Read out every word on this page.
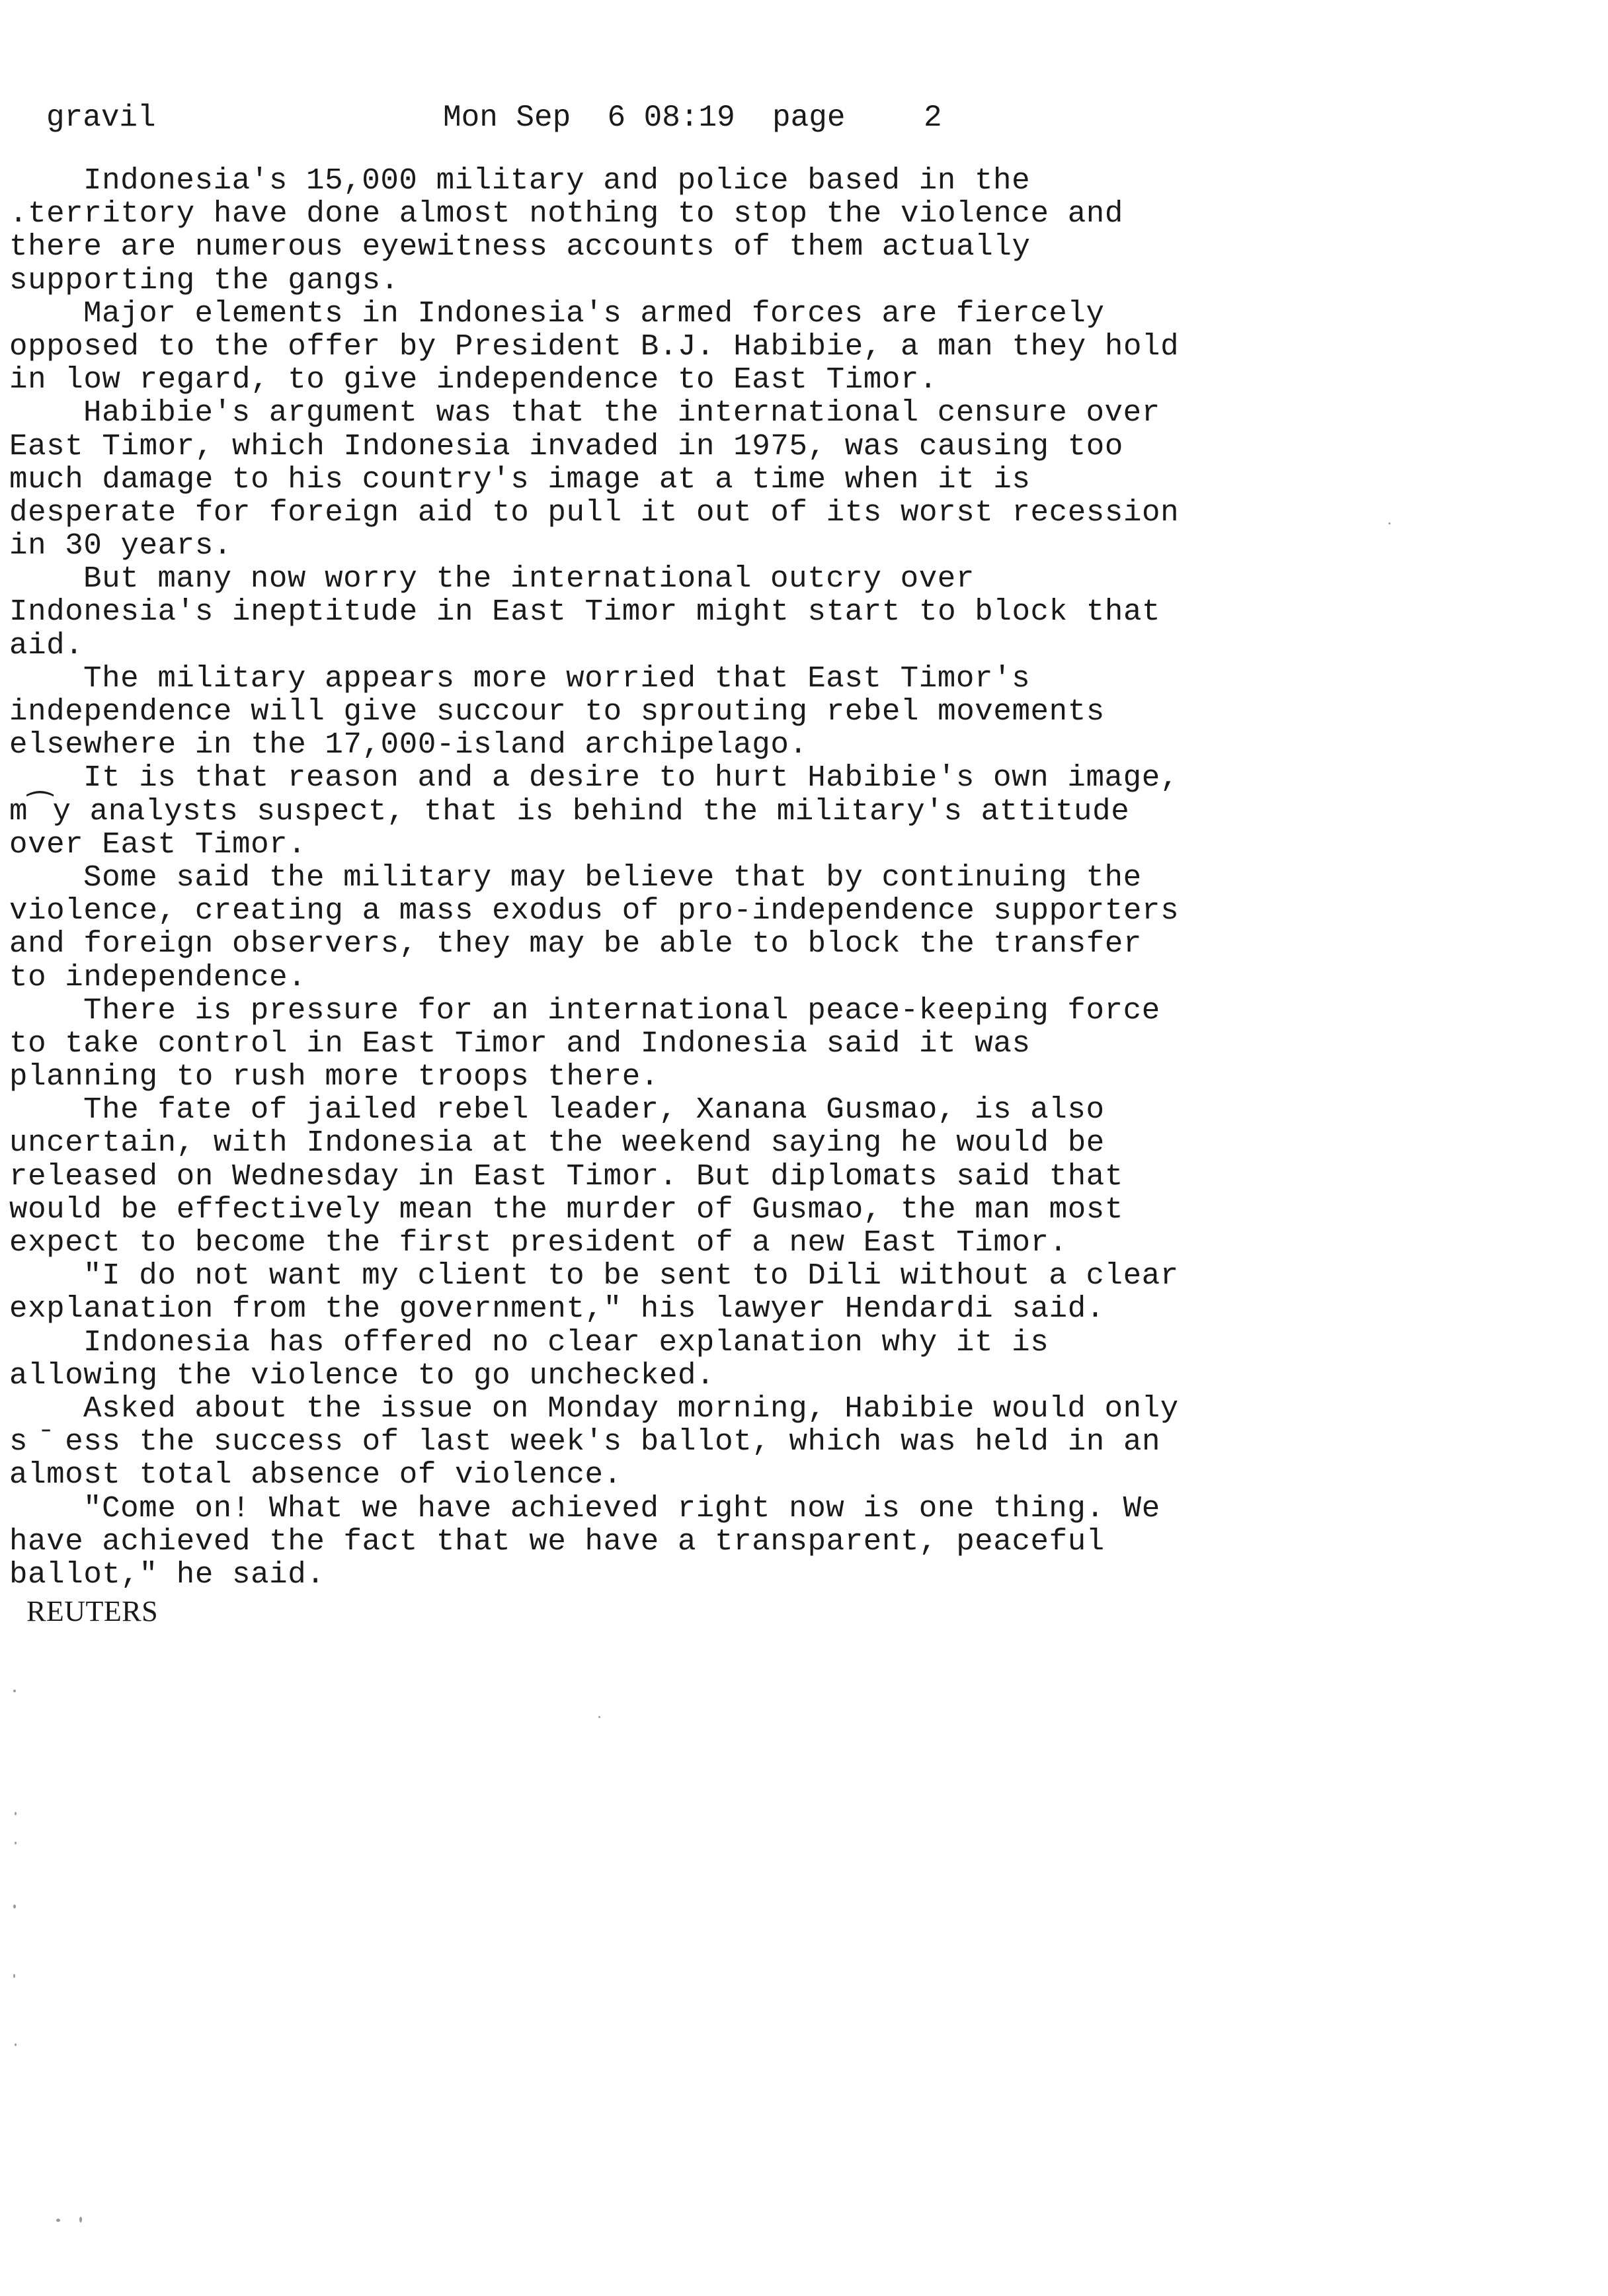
gravil

	Mon Sep  6 08:19

page

	2

Indonesia's 15,000 military and police based in the
.territory have done almost nothing to stop the violence and
there are numerous eyewitness accounts of them actually
supporting the gangs.
Major elements in Indonesia's armed forces are fiercely
opposed to the offer by President B.J. Habibie, a man they hold
in low regard, to give independence to East Timor.
Habibie's argument was that the international censure over
East Timor, which Indonesia invaded in 1975, was causing too
much damage to his country's image at a time when it is
desperate for foreign aid to pull it out of its worst recession
in 30 years.
But many now worry the international outcry over
Indonesia's ineptitude in East Timor might start to block that
aid.
The military appears more worried that East Timor's
independence will give succour to sprouting rebel movements
elsewhere in the 17,000-island archipelago.
It is that reason and a desire to hurt Habibie's own image,
m⁀y analysts suspect, that is behind the military's attitude
over East Timor.
Some said the military may believe that by continuing the
violence, creating a mass exodus of pro-independence supporters
and foreign observers, they may be able to block the transfer
to independence.
There is pressure for an international peace-keeping force
to take control in East Timor and Indonesia said it was
planning to rush more troops there.
The fate of jailed rebel leader, Xanana Gusmao, is also
uncertain, with Indonesia at the weekend saying he would be
released on Wednesday in East Timor. But diplomats said that
would be effectively mean the murder of Gusmao, the man most
expect to become the first president of a new East Timor.
"I do not want my client to be sent to Dili without a clear
explanation from the government," his lawyer Hendardi said.
Indonesia has offered no clear explanation why it is
allowing the violence to go unchecked.
Asked about the issue on Monday morning, Habibie would only
s ̄ ess the success of last week's ballot, which was held in an
almost total absence of violence.
"Come on! What we have achieved right now is one thing. We
have achieved the fact that we have a transparent, peaceful
ballot," he said.
REUTERS
